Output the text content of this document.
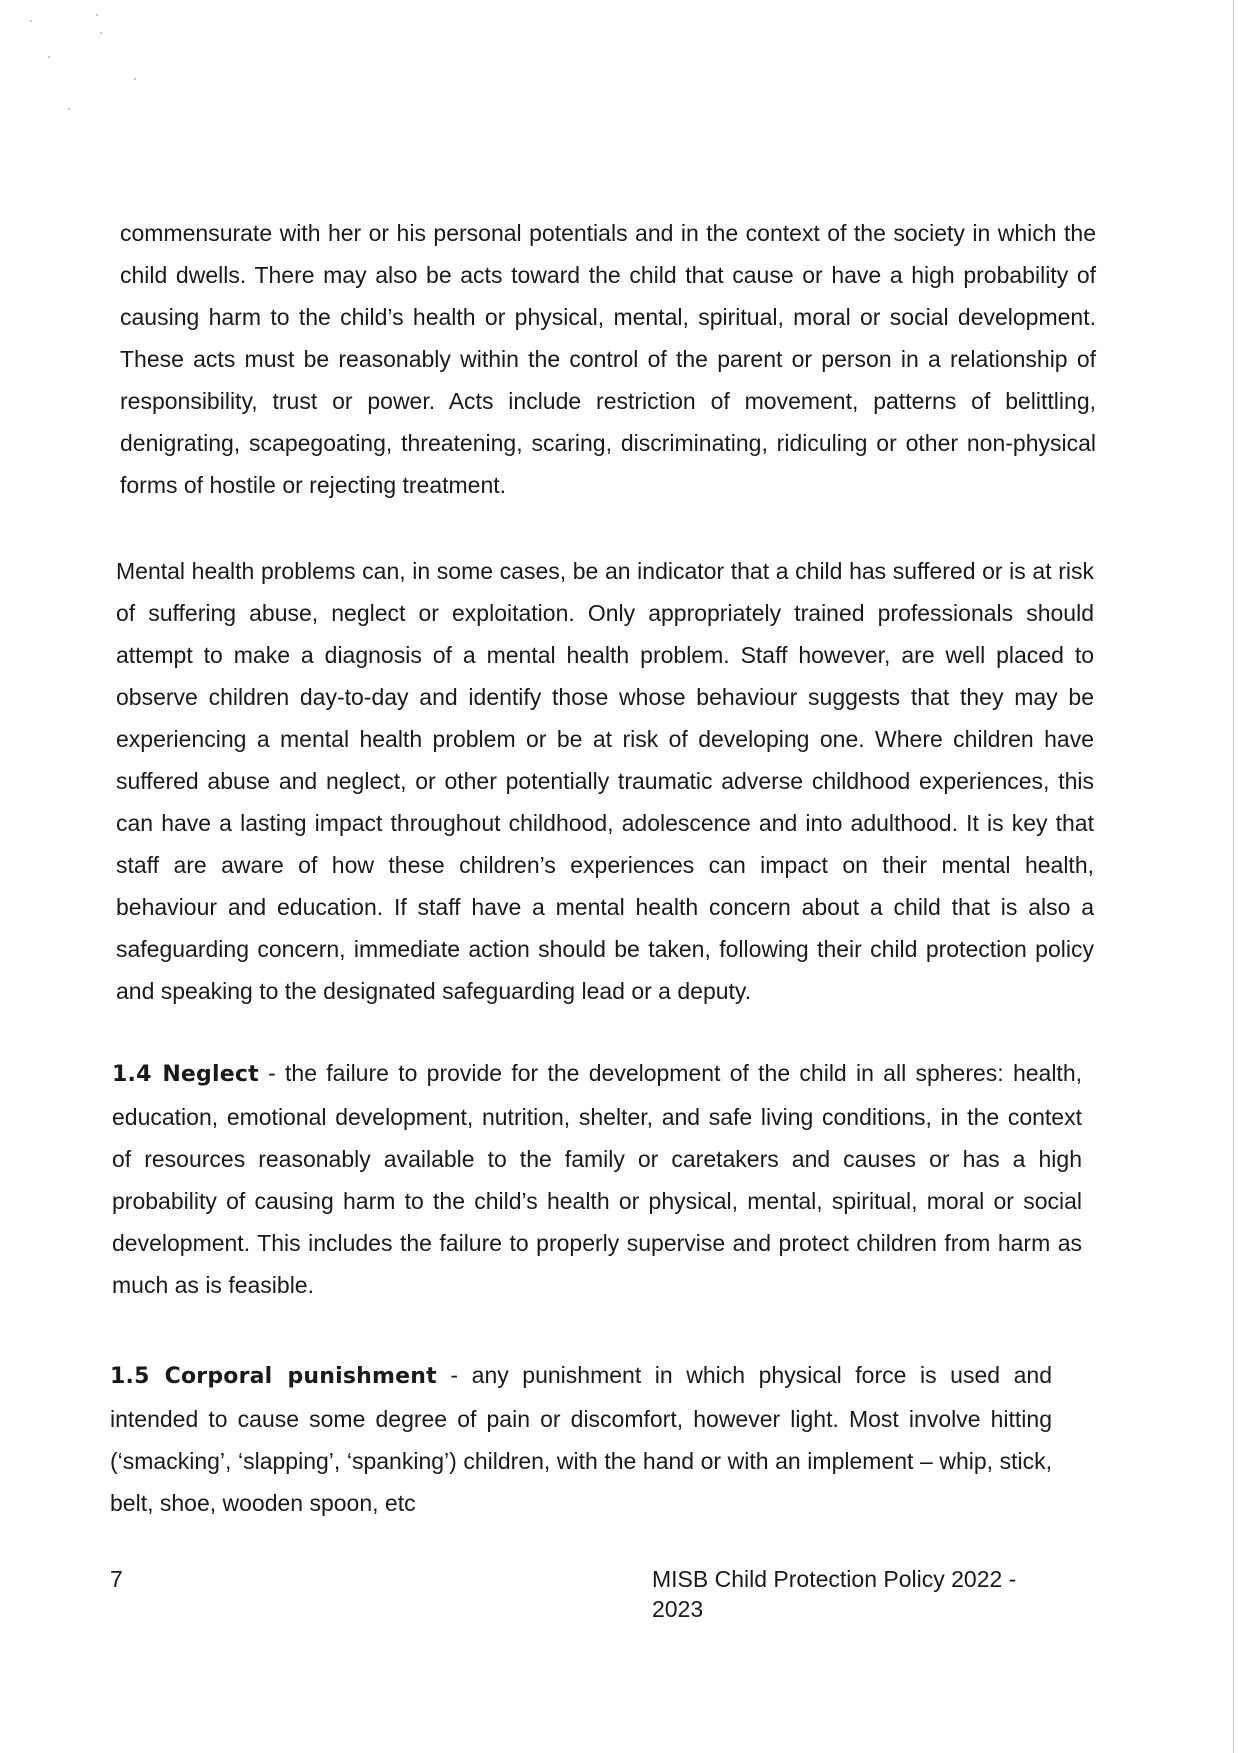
commensurate with her or his personal potentials and in the context of the society in which the child dwells. There may also be acts toward the child that cause or have a high probability of causing harm to the child’s health or physical, mental, spiritual, moral or social development. These acts must be reasonably within the control of the parent or person in a relationship of responsibility, trust or power. Acts include restriction of movement, patterns of belittling, denigrating, scapegoating, threatening, scaring, discriminating, ridiculing or other non-physical forms of hostile or rejecting treatment.

Mental health problems can, in some cases, be an indicator that a child has suffered or is at risk of suffering abuse, neglect or exploitation. Only appropriately trained professionals should attempt to make a diagnosis of a mental health problem. Staff however, are well placed to observe children day-to-day and identify those whose behaviour suggests that they may be experiencing a mental health problem or be at risk of developing one. Where children have suffered abuse and neglect, or other potentially traumatic adverse childhood experiences, this can have a lasting impact throughout childhood, adolescence and into adulthood. It is key that staff are aware of how these children’s experiences can impact on their mental health, behaviour and education. If staff have a mental health concern about a child that is also a safeguarding concern, immediate action should be taken, following their child protection policy and speaking to the designated safeguarding lead or a deputy.

1.4 Neglect - the failure to provide for the development of the child in all spheres: health, education, emotional development, nutrition, shelter, and safe living conditions, in the context of resources reasonably available to the family or caretakers and causes or has a high probability of causing harm to the child’s health or physical, mental, spiritual, moral or social development. This includes the failure to properly supervise and protect children from harm as much as is feasible.

1.5 Corporal punishment - any punishment in which physical force is used and intended to cause some degree of pain or discomfort, however light. Most involve hitting (‘smacking’, ‘slapping’, ‘spanking’) children, with the hand or with an implement – whip, stick, belt, shoe, wooden spoon, etc

7	MISB Child Protection Policy 2022 - 2023
